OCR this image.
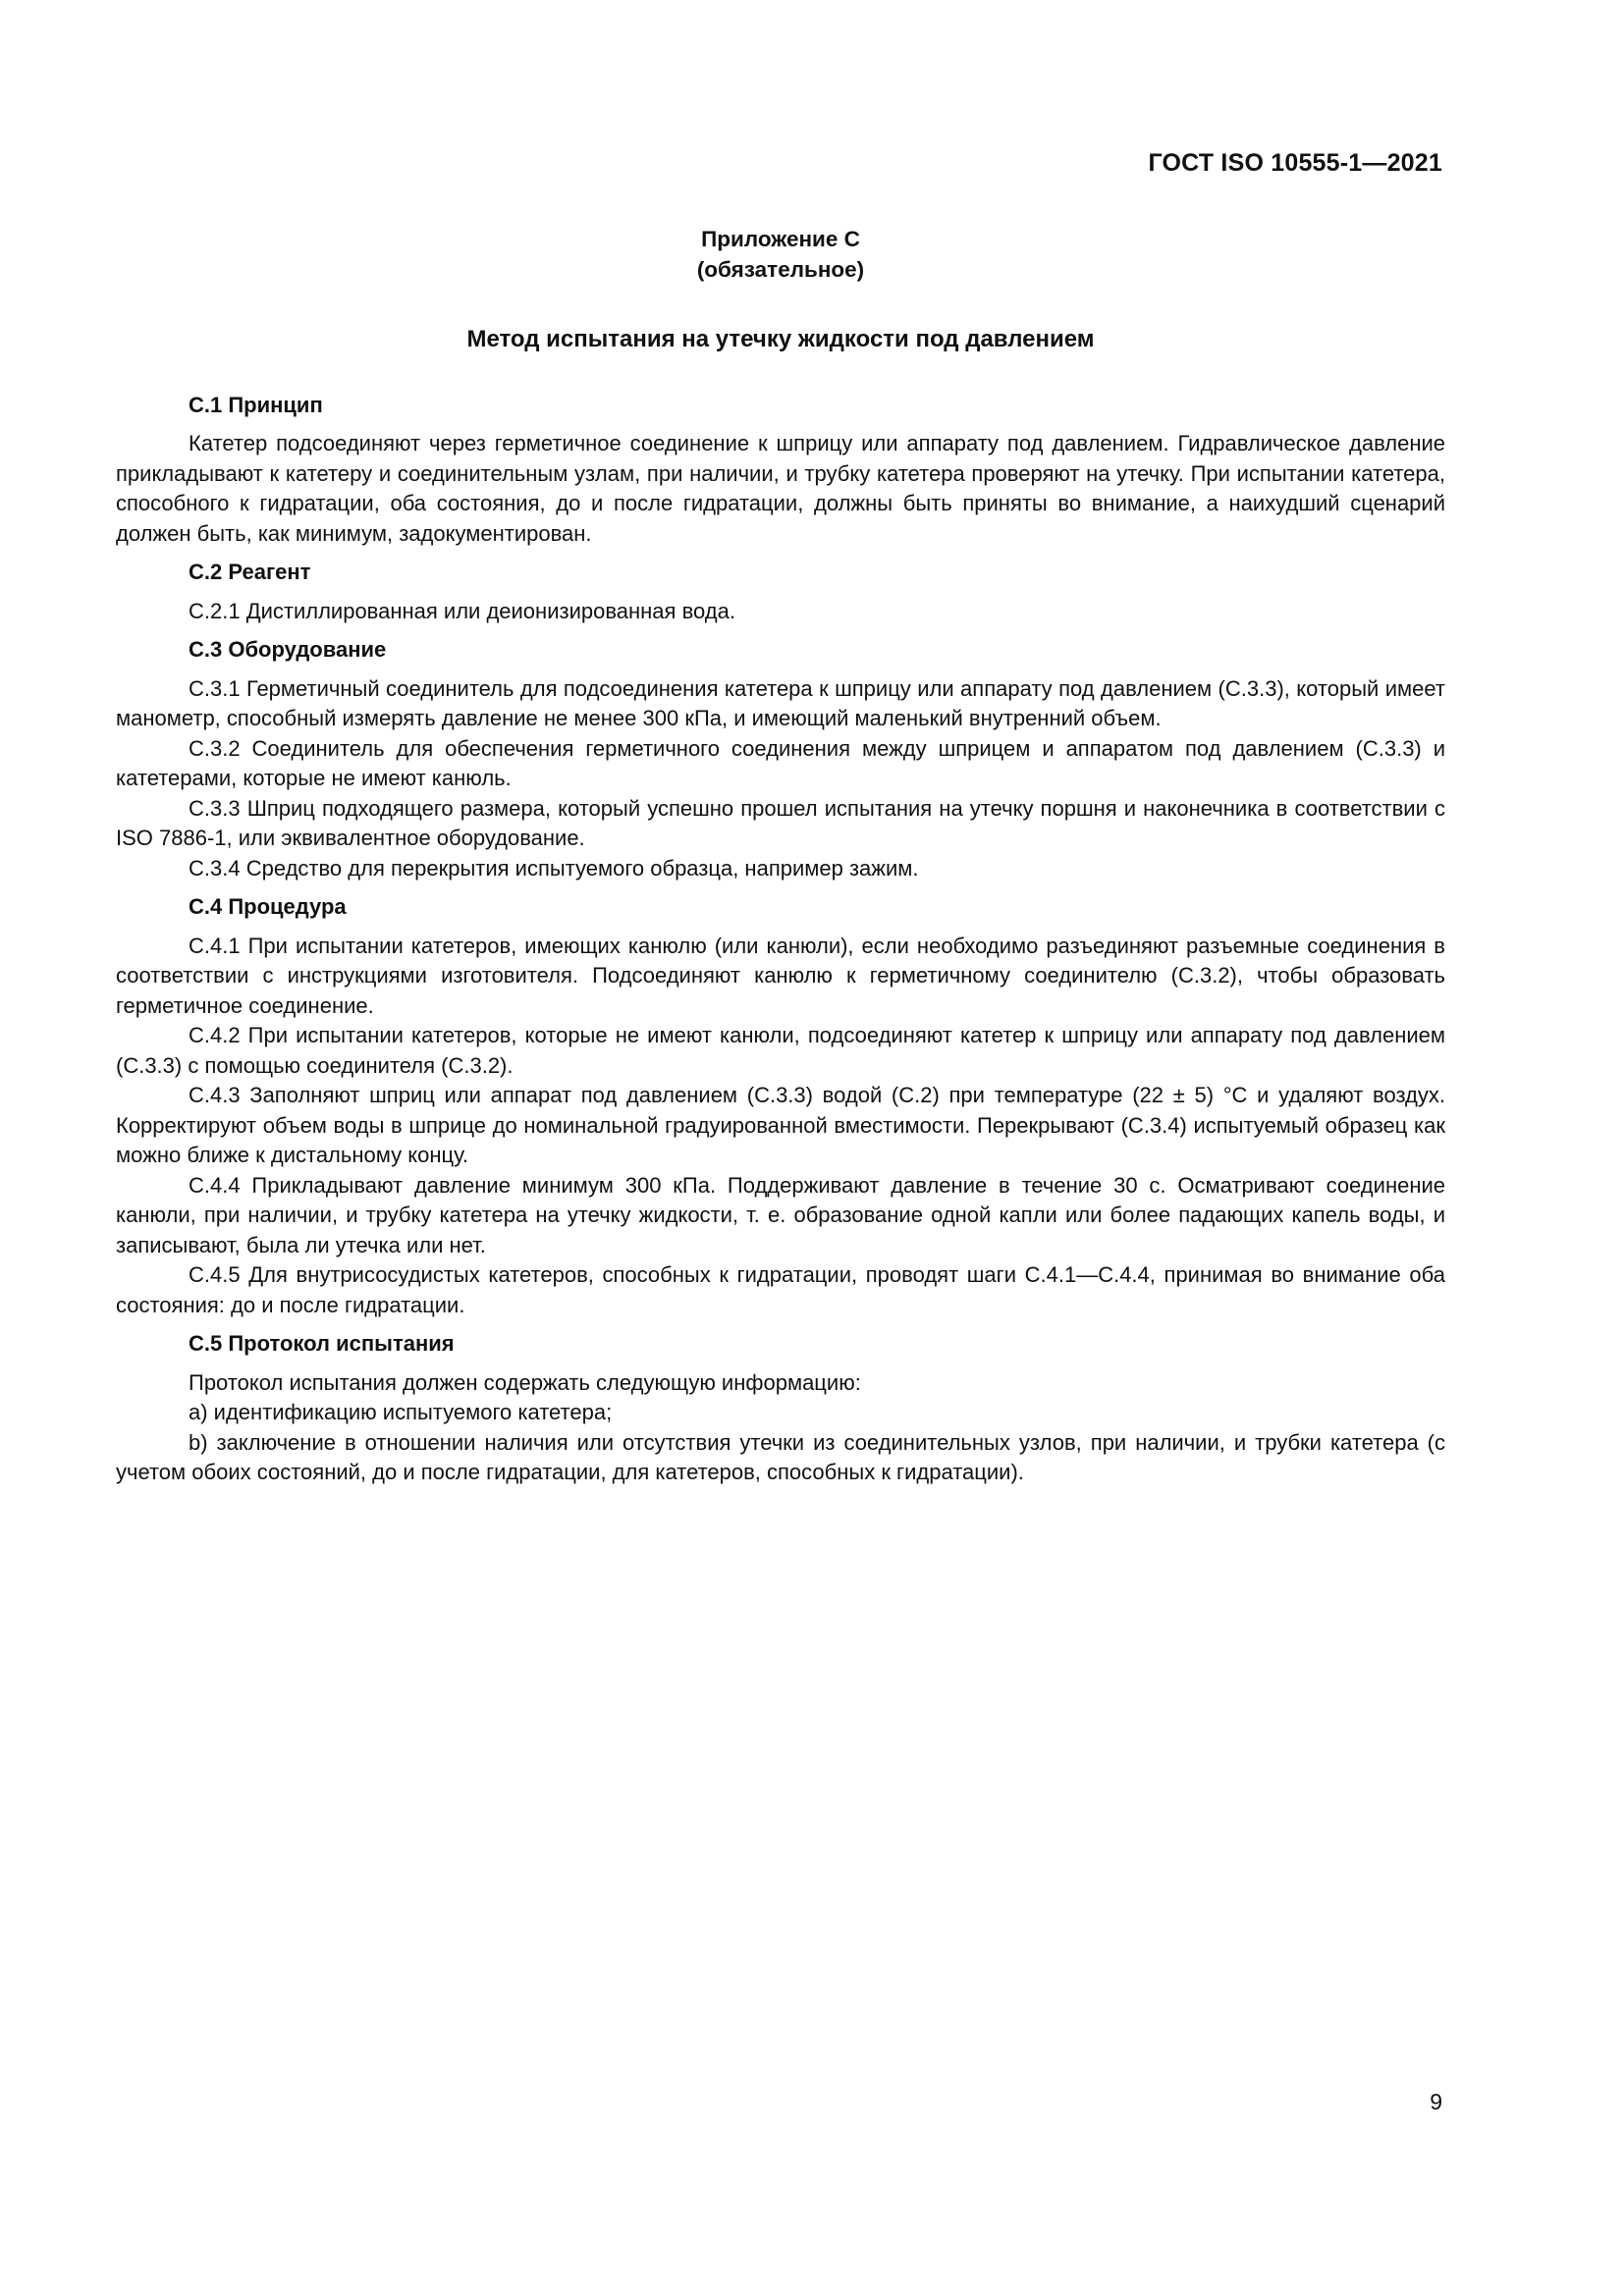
ГОСТ ISO 10555-1—2021
Приложение С
(обязательное)
Метод испытания на утечку жидкости под давлением
С.1 Принцип

Катетер подсоединяют через герметичное соединение к шприцу или аппарату под давлением. Гидравлическое давление прикладывают к катетеру и соединительным узлам, при наличии, и трубку катетера проверяют на утечку. При испытании катетера, способного к гидратации, оба состояния, до и после гидратации, должны быть приняты во внимание, а наихудший сценарий должен быть, как минимум, задокументирован.

С.2 Реагент

С.2.1 Дистиллированная или деионизированная вода.

С.3 Оборудование

С.3.1 Герметичный соединитель для подсоединения катетера к шприцу или аппарату под давлением (С.3.3), который имеет манометр, способный измерять давление не менее 300 кПа, и имеющий маленький внутренний объем.

С.3.2 Соединитель для обеспечения герметичного соединения между шприцем и аппаратом под давлением (С.3.3) и катетерами, которые не имеют канюль.

С.3.3 Шприц подходящего размера, который успешно прошел испытания на утечку поршня и наконечника в соответствии с ISO 7886-1, или эквивалентное оборудование.

С.3.4 Средство для перекрытия испытуемого образца, например зажим.

С.4 Процедура

С.4.1 При испытании катетеров, имеющих канюлю (или канюли), если необходимо разъединяют разъемные соединения в соответствии с инструкциями изготовителя. Подсоединяют канюлю к герметичному соединителю (С.3.2), чтобы образовать герметичное соединение.

С.4.2 При испытании катетеров, которые не имеют канюли, подсоединяют катетер к шприцу или аппарату под давлением (С.3.3) с помощью соединителя (С.3.2).

С.4.3 Заполняют шприц или аппарат под давлением (С.3.3) водой (С.2) при температуре (22 ± 5) °С и удаляют воздух. Корректируют объем воды в шприце до номинальной градуированной вместимости. Перекрывают (С.3.4) испытуемый образец как можно ближе к дистальному концу.

С.4.4 Прикладывают давление минимум 300 кПа. Поддерживают давление в течение 30 с. Осматривают соединение канюли, при наличии, и трубку катетера на утечку жидкости, т. е. образование одной капли или более падающих капель воды, и записывают, была ли утечка или нет.

С.4.5 Для внутрисосудистых катетеров, способных к гидратации, проводят шаги С.4.1—С.4.4, принимая во внимание оба состояния: до и после гидратации.

С.5 Протокол испытания

Протокол испытания должен содержать следующую информацию:

a) идентификацию испытуемого катетера;

b) заключение в отношении наличия или отсутствия утечки из соединительных узлов, при наличии, и трубки катетера (с учетом обоих состояний, до и после гидратации, для катетеров, способных к гидратации).

9
